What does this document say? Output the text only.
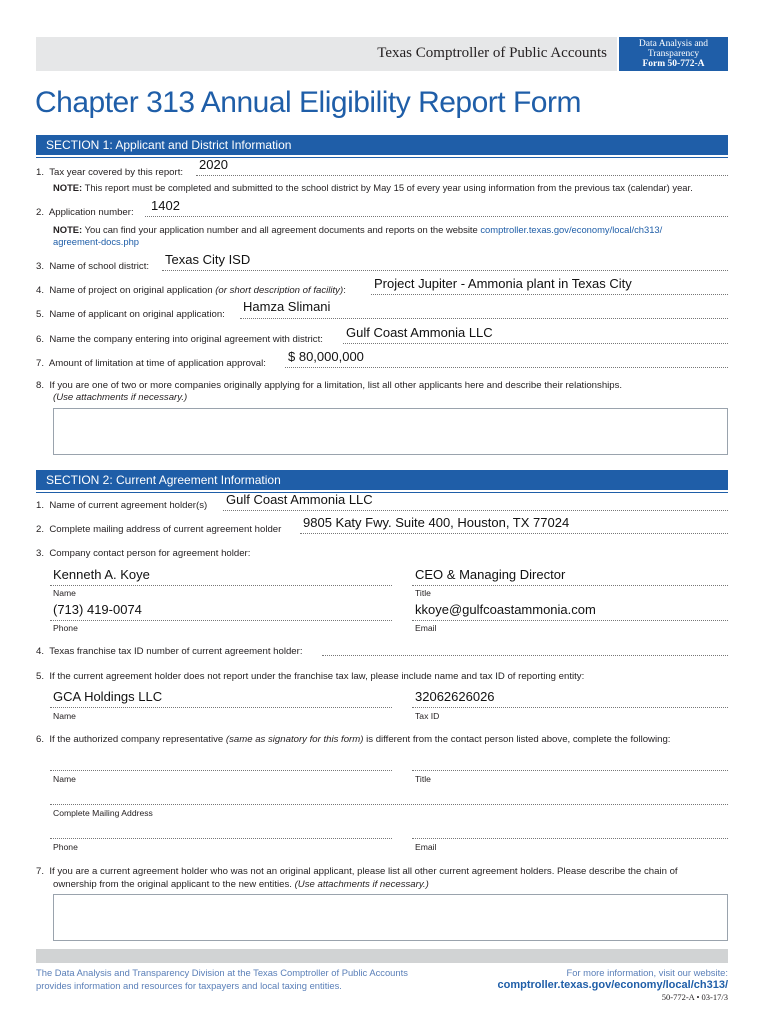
Texas Comptroller of Public Accounts
Data Analysis and
Transparency
Form 50-772-A
Chapter 313 Annual Eligibility Report Form
SECTION 1: Applicant and District Information
1. Tax year covered by this report:
2020
NOTE: This report must be completed and submitted to the school district by May 15 of every year using information from the previous tax (calendar) year.
2. Application number: 1402
NOTE: You can find your application number and all agreement documents and reports on the website comptroller.texas.gov/economy/local/ch313/
agreement-docs.php
3. Name of school district: Texas City ISD
4. Name of project on original application (or short description of facility): Project Jupiter - Ammonia plant in Texas City
5. Name of applicant on original application:
Hamza Slimani
6. Name the company entering into original agreement with district: Gulf Coast Ammonia LLC
7. Amount of limitation at time of application approval: $ 80,000,000
8. If you are one of two or more companies originally applying for a limitation, list all other applicants here and describe their relationships.
(Use attachments if necessary.)
SECTION 2: Current Agreement Information
1. Name of current agreement holder(s) Gulf Coast Ammonia LLC
2. Complete mailing address of current agreement holder 9805 Katy Fwy. Suite 400, Houston, TX 77024
3. Company contact person for agreement holder:
Kenneth A. Koye
Name
CEO & Managing Director
Title
(713) 419-0074
Phone
kkoye@gulfcoastammonia.com
Email
4. Texas franchise tax ID number of current agreement holder:
5. If the current agreement holder does not report under the franchise tax law, please include name and tax ID of reporting entity:
GCA Holdings LLC
Name
32062626026
Tax ID
6. If the authorized company representative (same as signatory for this form) is different from the contact person listed above, complete the following:
Name	Title
Complete Mailing Address
Phone	Email
7. If you are a current agreement holder who was not an original applicant, please list all other current agreement holders. Please describe the chain of
ownership from the original applicant to the new entities. (Use attachments if necessary.)
The Data Analysis and Transparency Division at the Texas Comptroller of Public Accounts
provides information and resources for taxpayers and local taxing entities.
For more information, visit our website:
comptroller.texas.gov/economy/local/ch313/
50-772-A • 03-17/3
